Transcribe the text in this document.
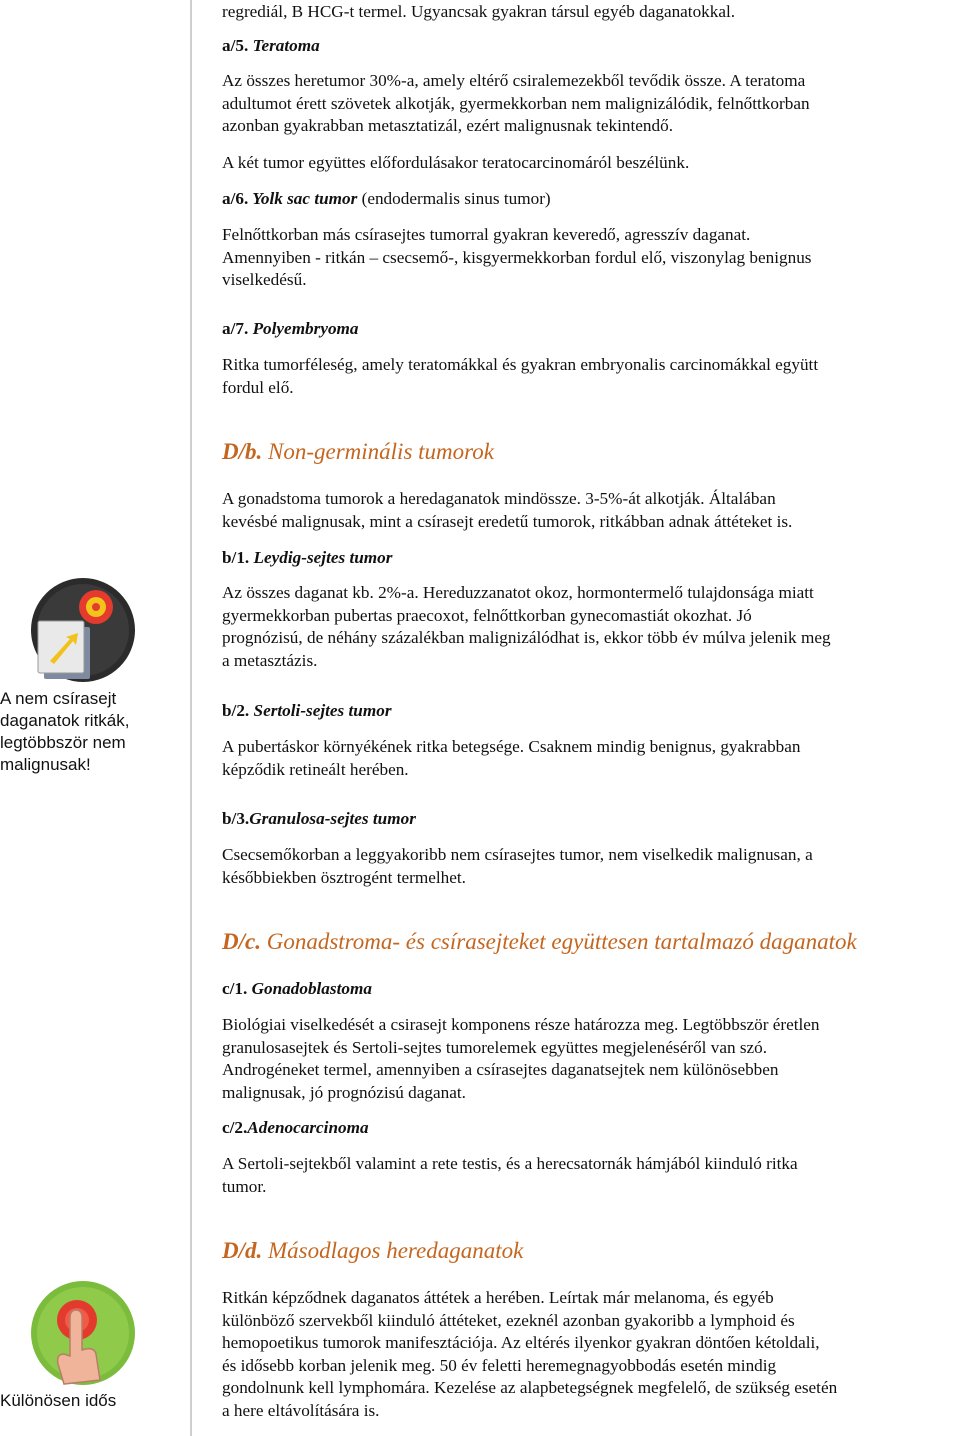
A nem csírasejt
daganatok ritkák,
legtöbbször nem
malignusak!
Különösen idős

regrediál, B HCG-t termel. Ugyancsak gyakran társul egyéb daganatokkal.

a/5. Teratoma

Az összes heretumor 30%-a, amely eltérő csiralemezekből tevődik össze. A teratoma
adultumot érett szövetek alkotják, gyermekkorban nem malignizálódik, felnőttkorban
azonban gyakrabban metasztatizál, ezért malignusnak tekintendő.

A két tumor együttes előfordulásakor teratocarcinomáról beszélünk.

a/6. Yolk sac tumor (endodermalis sinus tumor)

Felnőttkorban más csírasejtes tumorral gyakran keveredő, agresszív daganat.
Amennyiben - ritkán – csecsemő-, kisgyermekkorban fordul elő, viszonylag benignus
viselkedésű.

a/7. Polyembryoma

Ritka tumorféleség, amely teratomákkal és gyakran embryonalis carcinomákkal együtt
fordul elő.

D/b. Non-germinális tumorok

A gonadstoma tumorok a heredaganatok mindössze. 3-5%-át alkotják. Általában
kevésbé malignusak, mint a csírasejt eredetű tumorok, ritkábban adnak áttéteket is.

b/1. Leydig-sejtes tumor

Az összes daganat kb. 2%-a. Hereduzzanatot okoz, hormontermelő tulajdonsága miatt
gyermekkorban pubertas praecoxot, felnőttkorban gynecomastiát okozhat. Jó
prognózisú, de néhány százalékban malignizálódhat is, ekkor több év múlva jelenik meg
a metasztázis.

b/2. Sertoli-sejtes tumor

A pubertáskor környékének ritka betegsége. Csaknem mindig benignus, gyakrabban
képződik retineált herében.

b/3.Granulosa-sejtes tumor

Csecsemőkorban a leggyakoribb nem csírasejtes tumor, nem viselkedik malignusan, a
későbbiekben ösztrogént termelhet.

D/c. Gonadstroma- és csírasejteket együttesen tartalmazó daganatok

c/1. Gonadoblastoma

Biológiai viselkedését a csirasejt komponens része határozza meg. Legtöbbször éretlen
granulosasejtek és Sertoli-sejtes tumorelemek együttes megjelenéséről van szó.
Androgéneket termel, amennyiben a csírasejtes daganatsejtek nem különösebben
malignusak, jó prognózisú daganat.

c/2.Adenocarcinoma

A Sertoli-sejtekből valamint a rete testis, és a herecsatornák hámjából kiinduló ritka
tumor.

D/d. Másodlagos heredaganatok

Ritkán képződnek daganatos áttétek a herében. Leírtak már melanoma, és egyéb
különböző szervekből kiinduló áttéteket, ezeknél azonban gyakoribb a lymphoid és
hemopoetikus tumorok manifesztációja. Az eltérés ilyenkor gyakran döntően kétoldali,
és idősebb korban jelenik meg. 50 év feletti heremegnagyobbodás esetén mindig
gondolnunk kell lymphomára. Kezelése az alapbetegségnek megfelelő, de szükség esetén
a here eltávolítására is.
